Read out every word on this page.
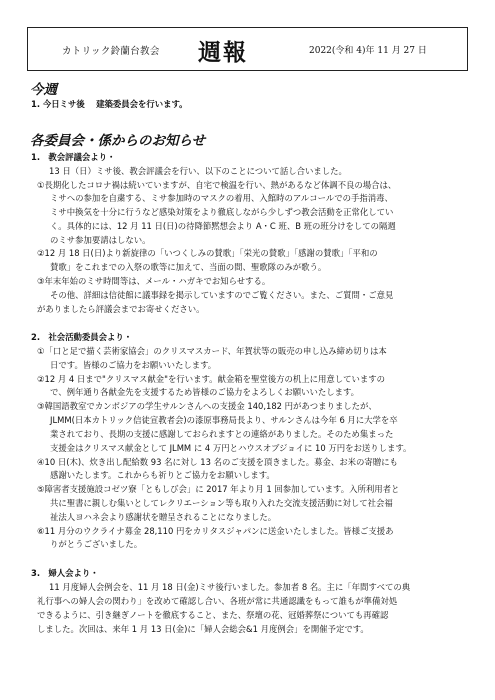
カトリック鈴蘭台教会 週報	2022(令和 4)年 11 月 27 日
今週
1. 今日ミサ後　 建築委員会を行います。
各委員会・係からのお知らせ
1.　教会評議会より・
13 日（日）ミサ後、教会評議会を行い、以下のことについて話し合いました。
①長期化したコロナ禍は続いていますが、自宅で検温を行い、熱があるなど体調不良の場合は、
ミサへの参加を自粛する、ミサ参加時のマスクの着用、入館時のアルコールでの手指消毒、
ミサ中換気を十分に行うなど感染対策をより徹底しながら少しずつ教会活動を正常化してい
く。具体的には、12 月 11 日(日)の待降節黙想会より A・C 班、B 班の班分けをしての隔週
のミサ参加要請はしない。
②12 月 18 日(日)より新旋律の「いつくしみの賛歌」「栄光の賛歌」「感謝の賛歌」「平和の
賛歌」をこれまでの入祭の歌等に加えて、当面の間、聖歌隊のみが歌う。
③年末年始のミサ時間等は、メール・ハガキでお知らせする。
その他、詳細は信徒館に議事録を掲示していますのでご覧ください。また、ご質問・ご意見
がありましたら評議会までお寄せください。
2.　社会活動委員会より・
①「口と足で描く芸術家協会」のクリスマスカード、年賀状等の販売の申し込み締め切りは本
日です。皆様のご協力をお願いいたします。
②12 月 4 日まで"クリスマス献金"を行います。献金箱を聖堂後方の机上に用意していますの
で、例年通り各献金先を支援するため皆様のご協力をよろしくお願いいたします。
③韓国語教室でカンボジアの学生サルンさんへの支援金 140,182 円があつまりましたが、
JLMM(日本カトリック信徒宣教者会)の漆原事務局長より、サルンさんは今年 6 月に大学を卒
業されており、長期の支援に感謝しておられますとの連絡がありました。そのため集まった
支援金はクリスマス献金として JLMM に 4 万円とハウスオブジョイに 10 万円をお送りします。
④10 日(木)、炊き出し配給数 93 名に対し 13 名のご支援を頂きました。募金、お米の寄贈にも
感謝いたします。これからも祈りとご協力をお願いします。
⑤障害者支援施設コゼツ寮「ともしび会」に 2017 年より月 1 回参加しています。入所利用者と
共に聖書に親しむ集いとしてレクリエーション等も取り入れた交流支援活動に対して社会福
祉法人ヨハネ会より感謝状を贈呈されることになりました。
⑥11 月分のウクライナ募金 28,110 円をカリタスジャパンに送金いたしました。皆様ご支援あ
りがとうございました。
3.　婦人会より・
11 月度婦人会例会を、11 月 18 日(金)ミサ後行いました。参加者 8 名。主に「年間すべての典
礼行事への婦人会の関わり」を改めて確認し合い、各班が常に共通認識をもって誰もが準備対処
できるように、引き継ぎノートを徹底すること、また、祭壇の花、冠婚葬祭についても再確認
しました。次回は、来年 1 月 13 日(金)に「婦人会総会&1 月度例会」を開催予定です。
